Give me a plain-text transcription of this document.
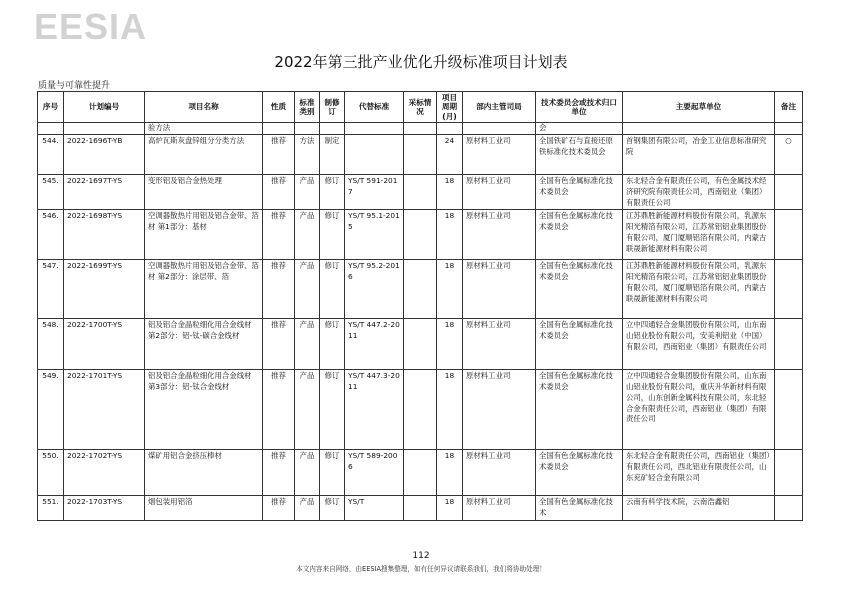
EESIA
2022年第三批产业优化升级标准项目计划表
质量与可靠性提升
序号	计划编号	项目名称	性质	标准类别	制修订	代替标准	采标情况	项目周期(月)	部内主管司局	技术委员会或技术归口单位	主要起草单位	备注
		验方法								会		
544.	2022-1696T-YB	高炉瓦斯灰盘锌组分分类方法	推荐	方法	制定			24	原材料工业司	全国铁矿石与直接还原铁标准化技术委员会	首钢集团有限公司，冶金工业信息标准研究院	○
545.	2022-1697T-YS	变形铝及铝合金热处理	推荐	产品	修订	YS/T 591-2017		18	原材料工业司	全国有色金属标准化技术委员会	东北轻合金有限责任公司，有色金属技术经济研究院有限责任公司，西南铝业（集团）有限责任公司	
546.	2022-1698T-YS	空调器散热片用铝及铝合金带、箔材 第1部分：基材	推荐	产品	修订	YS/T 95.1-2015		18	原材料工业司	全国有色金属标准化技术委员会	江苏鼎胜新能源材料股份有限公司，乳源东阳光精箔有限公司，江苏常铝铝业集团股份有限公司，厦门厦顺铝箔有限公司，内蒙古联晟新能源材料有限公司	
547.	2022-1699T-YS	空调器散热片用铝及铝合金带、箔材 第2部分：涂层带、箔	推荐	产品	修订	YS/T 95.2-2016		18	原材料工业司	全国有色金属标准化技术委员会	江苏鼎胜新能源材料股份有限公司，乳源东阳光精箔有限公司，江苏常铝铝业集团股份有限公司，厦门厦顺铝箔有限公司，内蒙古联晟新能源材料有限公司	
548.	2022-1700T-YS	铝及铝合金晶粒细化用合金线材 第2部分：铝-钛-碳合金线材	推荐	产品	修订	YS/T 447.2-2011		18	原材料工业司	全国有色金属标准化技术委员会	立中四通轻合金集团股份有限公司，山东南山铝业股份有限公司，安美利铝业（中国）有限公司，西南铝业（集团）有限责任公司	
549.	2022-1701T-YS	铝及铝合金晶粒细化用合金线材 第3部分：铝-钛合金线材	推荐	产品	修订	YS/T 447.3-2011		18	原材料工业司	全国有色金属标准化技术委员会	立中四通轻合金集团股份有限公司，山东南山铝业股份有限公司，重庆升华新材料有限公司，山东创新金属科技有限公司，东北轻合金有限责任公司，西南铝业（集团）有限责任公司	
550.	2022-1702T-YS	煤矿用铝合金挤压棒材	推荐	产品	修订	YS/T 589-2006		18	原材料工业司	全国有色金属标准化技术委员会	东北轻合金有限责任公司，西南铝业（集团）有限责任公司，西北铝业有限责任公司，山东兖矿轻合金有限公司	
551.	2022-1703T-YS	烟包装用铝箔	推荐	产品	修订	YS/T		18	原材料工业司	全国有色金属标准化技术	云南有科学技术院，云南浩鑫铝	
112
本文内容来自网络，由EESIA搜集整理，如有任何异议请联系我们，我们将协助处理！
